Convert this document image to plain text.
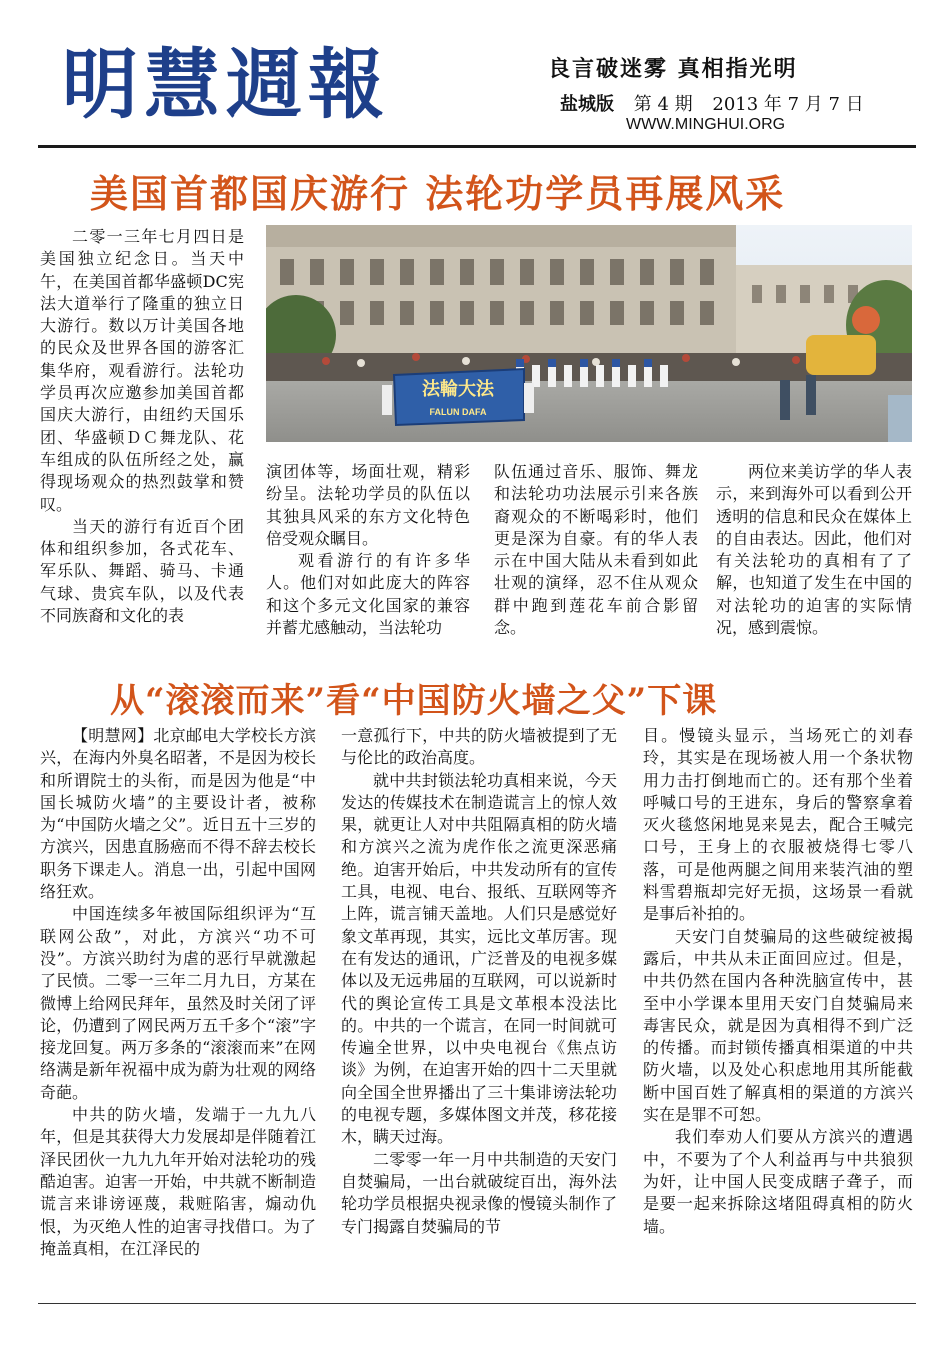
明慧週報	良言破迷雾 真相指光明
盐城版 第 4 期 2013 年 7 月 7 日
WWW.MINGHUI.ORG
美国首都国庆游行 法轮功学员再展风采

二零一三年七月四日是美国独立纪念日。当天中午，在美国首都华盛顿DC宪法大道举行了隆重的独立日大游行。数以万计美国各地的民众及世界各国的游客汇集华府，观看游行。法轮功学员再次应邀参加美国首都国庆大游行，由纽约天国乐团、华盛顿ＤＣ舞龙队、花车组成的队伍所经之处，赢得现场观众的热烈鼓掌和赞叹。

当天的游行有近百个团体和组织参加，各式花车、军乐队、舞蹈、骑马、卡通气球、贵宾车队，以及代表不同族裔和文化的表

法輪大法
FALUN DAFA

演团体等，场面壮观，精彩纷呈。法轮功学员的队伍以其独具风采的东方文化特色倍受观众瞩目。

观看游行的有许多华人。他们对如此庞大的阵容和这个多元文化国家的兼容并蓄尤感触动，当法轮功

队伍通过音乐、服饰、舞龙和法轮功功法展示引来各族裔观众的不断喝彩时，他们更是深为自豪。有的华人表示在中国大陆从未看到如此壮观的演绎，忍不住从观众群中跑到莲花车前合影留念。

两位来美访学的华人表示，来到海外可以看到公开透明的信息和民众在媒体上的自由表达。因此，他们对有关法轮功的真相有了了解，也知道了发生在中国的对法轮功的迫害的实际情况，感到震惊。

从“滚滚而来”看“中国防火墙之父”下课

【明慧网】北京邮电大学校长方滨兴，在海内外臭名昭著，不是因为校长和所谓院士的头衔，而是因为他是“中国长城防火墙”的主要设计者，被称为“中国防火墙之父”。近日五十三岁的方滨兴，因患直肠癌而不得不辞去校长职务下课走人。消息一出，引起中国网络狂欢。

中国连续多年被国际组织评为“互联网公敌”，对此，方滨兴“功不可没”。方滨兴助纣为虐的恶行早就激起了民愤。二零一三年二月九日，方某在微博上给网民拜年，虽然及时关闭了评论，仍遭到了网民两万五千多个“滚”字接龙回复。两万多条的“滚滚而来”在网络满是新年祝福中成为蔚为壮观的网络奇葩。

中共的防火墙，发端于一九九八年，但是其获得大力发展却是伴随着江泽民团伙一九九九年开始对法轮功的残酷迫害。迫害一开始，中共就不断制造谎言来诽谤诬蔑，栽赃陷害，煽动仇恨，为灭绝人性的迫害寻找借口。为了掩盖真相，在江泽民的

一意孤行下，中共的防火墙被提到了无与伦比的政治高度。

就中共封锁法轮功真相来说，今天发达的传媒技术在制造谎言上的惊人效果，就更让人对中共阻隔真相的防火墙和方滨兴之流为虎作伥之流更深恶痛绝。迫害开始后，中共发动所有的宣传工具，电视、电台、报纸、互联网等齐上阵，谎言铺天盖地。人们只是感觉好象文革再现，其实，远比文革厉害。现在有发达的通讯，广泛普及的电视多媒体以及无远弗届的互联网，可以说新时代的舆论宣传工具是文革根本没法比的。中共的一个谎言，在同一时间就可传遍全世界，以中央电视台《焦点访谈》为例，在迫害开始的四十二天里就向全国全世界播出了三十集诽谤法轮功的电视专题，多媒体图文并茂，移花接木，瞒天过海。

二零零一年一月中共制造的天安门自焚骗局，一出台就破绽百出，海外法轮功学员根据央视录像的慢镜头制作了专门揭露自焚骗局的节

目。慢镜头显示，当场死亡的刘春玲，其实是在现场被人用一个条状物用力击打倒地而亡的。还有那个坐着呼喊口号的王进东，身后的警察拿着灭火毯悠闲地晃来晃去，配合王喊完口号，王身上的衣服被烧得七零八落，可是他两腿之间用来装汽油的塑料雪碧瓶却完好无损，这场景一看就是事后补拍的。

天安门自焚骗局的这些破绽被揭露后，中共从未正面回应过。但是，中共仍然在国内各种洗脑宣传中，甚至中小学课本里用天安门自焚骗局来毒害民众，就是因为真相得不到广泛的传播。而封锁传播真相渠道的中共防火墙，以及处心积虑地用其所能截断中国百姓了解真相的渠道的方滨兴实在是罪不可恕。

我们奉劝人们要从方滨兴的遭遇中，不要为了个人利益再与中共狼狈为奸，让中国人民变成瞎子聋子，而是要一起来拆除这堵阻碍真相的防火墙。
